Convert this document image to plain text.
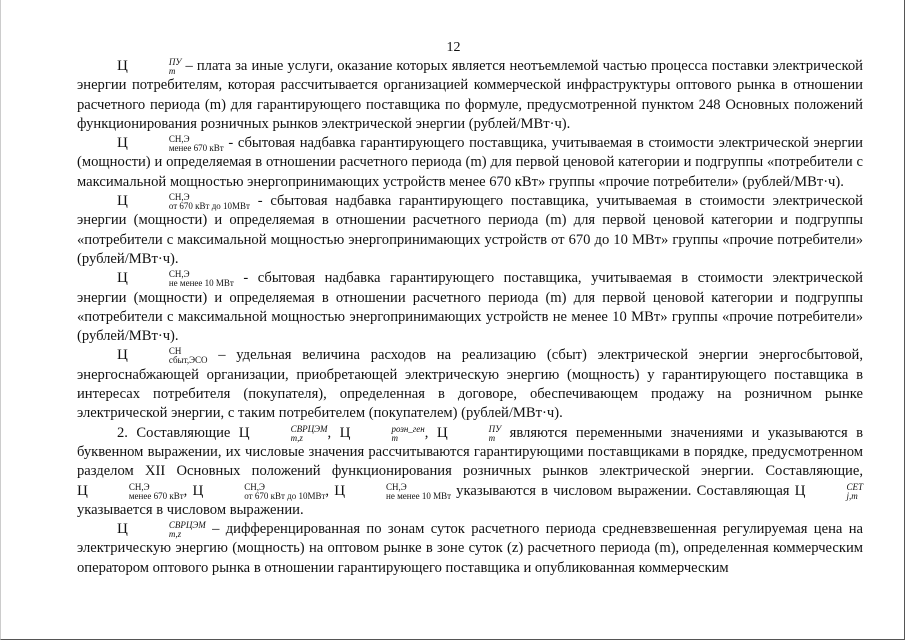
12

Ц	ПУ
m – плата за иные услуги, оказание которых является неотъемлемой частью процесса поставки электрической энергии потребителям, которая рассчитывается организацией коммерческой инфраструктуры оптового рынка в отношении расчетного периода (m) для гарантирующего поставщика по формуле, предусмотренной пунктом 248 Основных положений функционирования розничных рынков электрической энергии (рублей/МВт·ч).

Ц	СН,Э
менее 670 кВт - сбытовая надбавка гарантирующего поставщика, учитываемая в стоимости электрической энергии (мощности) и определяемая в отношении расчетного периода (m) для первой ценовой категории и подгруппы «потребители с максимальной мощностью энергопринимающих устройств менее 670 кВт» группы «прочие потребители» (рублей/МВт·ч).

Ц	СН,Э
от 670 кВт до 10МВт - сбытовая надбавка гарантирующего поставщика, учитываемая в стоимости электрической энергии (мощности) и определяемая в отношении расчетного периода (m) для первой ценовой категории и подгруппы «потребители с максимальной мощностью энергопринимающих устройств от 670 до 10 МВт» группы «прочие потребители» (рублей/МВт·ч).

Ц	СН,Э
не менее 10 МВт - сбытовая надбавка гарантирующего поставщика, учитываемая в стоимости электрической энергии (мощности) и определяемая в отношении расчетного периода (m) для первой ценовой категории и подгруппы «потребители с максимальной мощностью энергопринимающих устройств не менее 10 МВт» группы «прочие потребители» (рублей/МВт·ч).

Ц	СН
сбыт,ЭСО – удельная величина расходов на реализацию (сбыт) электрической энергии энергосбытовой, энергоснабжающей организации, приобретающей электрическую энергию (мощность) у гарантирующего поставщика в интересах потребителя (покупателя), определенная в договоре, обеспечивающем продажу на розничном рынке электрической энергии, с таким потребителем (покупателем) (рублей/МВт·ч).

2. Составляющие Ц	СВРЦЭМ
m,z	, Ц	розн_ген
m	, Ц	ПУ
m являются переменными значениями и указываются в буквенном выражении, их числовые значения рассчитываются гарантирующими поставщиками в порядке, предусмотренном разделом XII Основных положений функционирования розничных рынков электрической энергии. Составляющие, Ц	СН,Э
менее 670 кВт , Ц	СН,Э
от 670 кВт до 10МВт , Ц	СН,Э
не менее 10 МВт указываются в числовом выражении. Составляющая Ц	СЕТ
j,m
указывается в числовом выражении.

Ц	СВРЦЭМ
m,z	– дифференцированная по зонам суток расчетного периода средневзвешенная регулируемая цена на электрическую энергию (мощность) на оптовом рынке в зоне суток (z) расчетного периода (m), определенная коммерческим оператором оптового рынка в отношении гарантирующего поставщика и опубликованная коммерческим
